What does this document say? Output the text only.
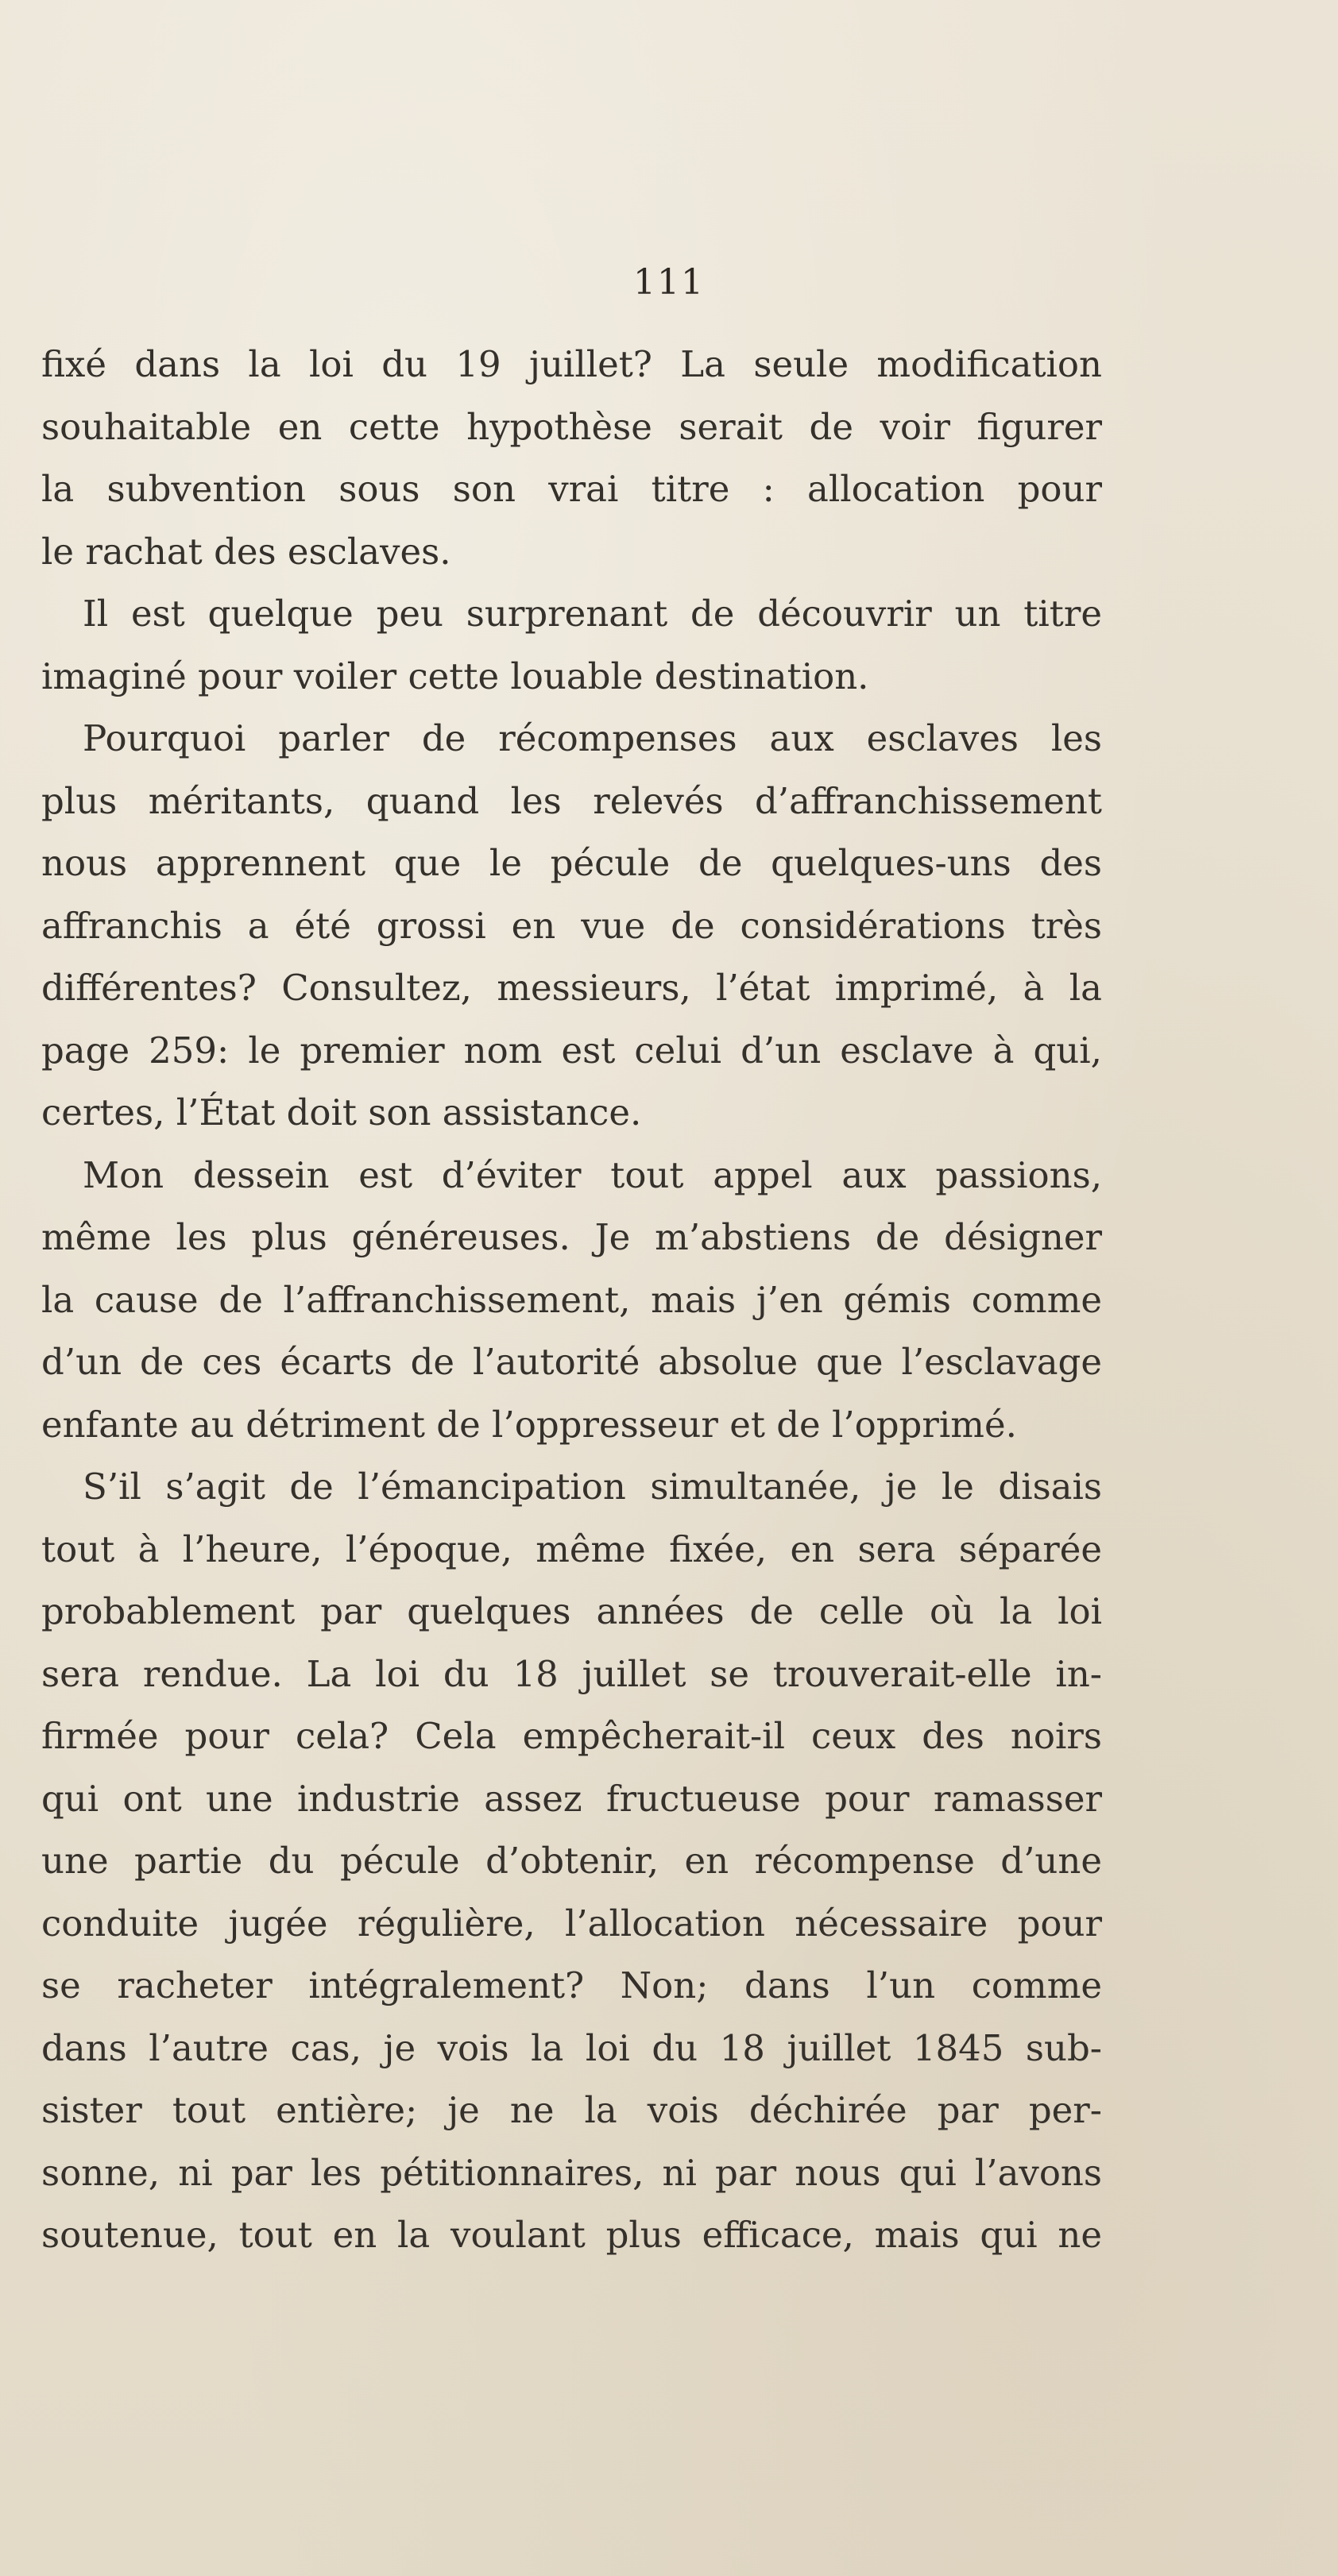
111
fixé dans la loi du 19 juillet? La seule modification
souhaitable en cette hypothèse serait de voir figurer
la subvention sous son vrai titre : allocation pour
le rachat des esclaves.
Il est quelque peu surprenant de découvrir un titre
imaginé pour voiler cette louable destination.
Pourquoi parler de récompenses aux esclaves les
plus méritants, quand les relevés d’affranchissement
nous apprennent que le pécule de quelques-uns des
affranchis a été grossi en vue de considérations très
différentes? Consultez, messieurs, l’état imprimé, à la
page 259: le premier nom est celui d’un esclave à qui,
certes, l’État doit son assistance.
Mon dessein est d’éviter tout appel aux passions,
même les plus généreuses. Je m’abstiens de désigner
la cause de l’affranchissement, mais j’en gémis comme
d’un de ces écarts de l’autorité absolue que l’esclavage
enfante au détriment de l’oppresseur et de l’opprimé.
S’il s’agit de l’émancipation simultanée, je le disais
tout à l’heure, l’époque, même fixée, en sera séparée
probablement par quelques années de celle où la loi
sera rendue. La loi du 18 juillet se trouverait-elle in-
firmée pour cela? Cela empêcherait-il ceux des noirs
qui ont une industrie assez fructueuse pour ramasser
une partie du pécule d’obtenir, en récompense d’une
conduite jugée régulière, l’allocation nécessaire pour
se racheter intégralement? Non; dans l’un comme
dans l’autre cas, je vois la loi du 18 juillet 1845 sub-
sister tout entière; je ne la vois déchirée par per-
sonne, ni par les pétitionnaires, ni par nous qui l’avons
soutenue, tout en la voulant plus efficace, mais qui ne
